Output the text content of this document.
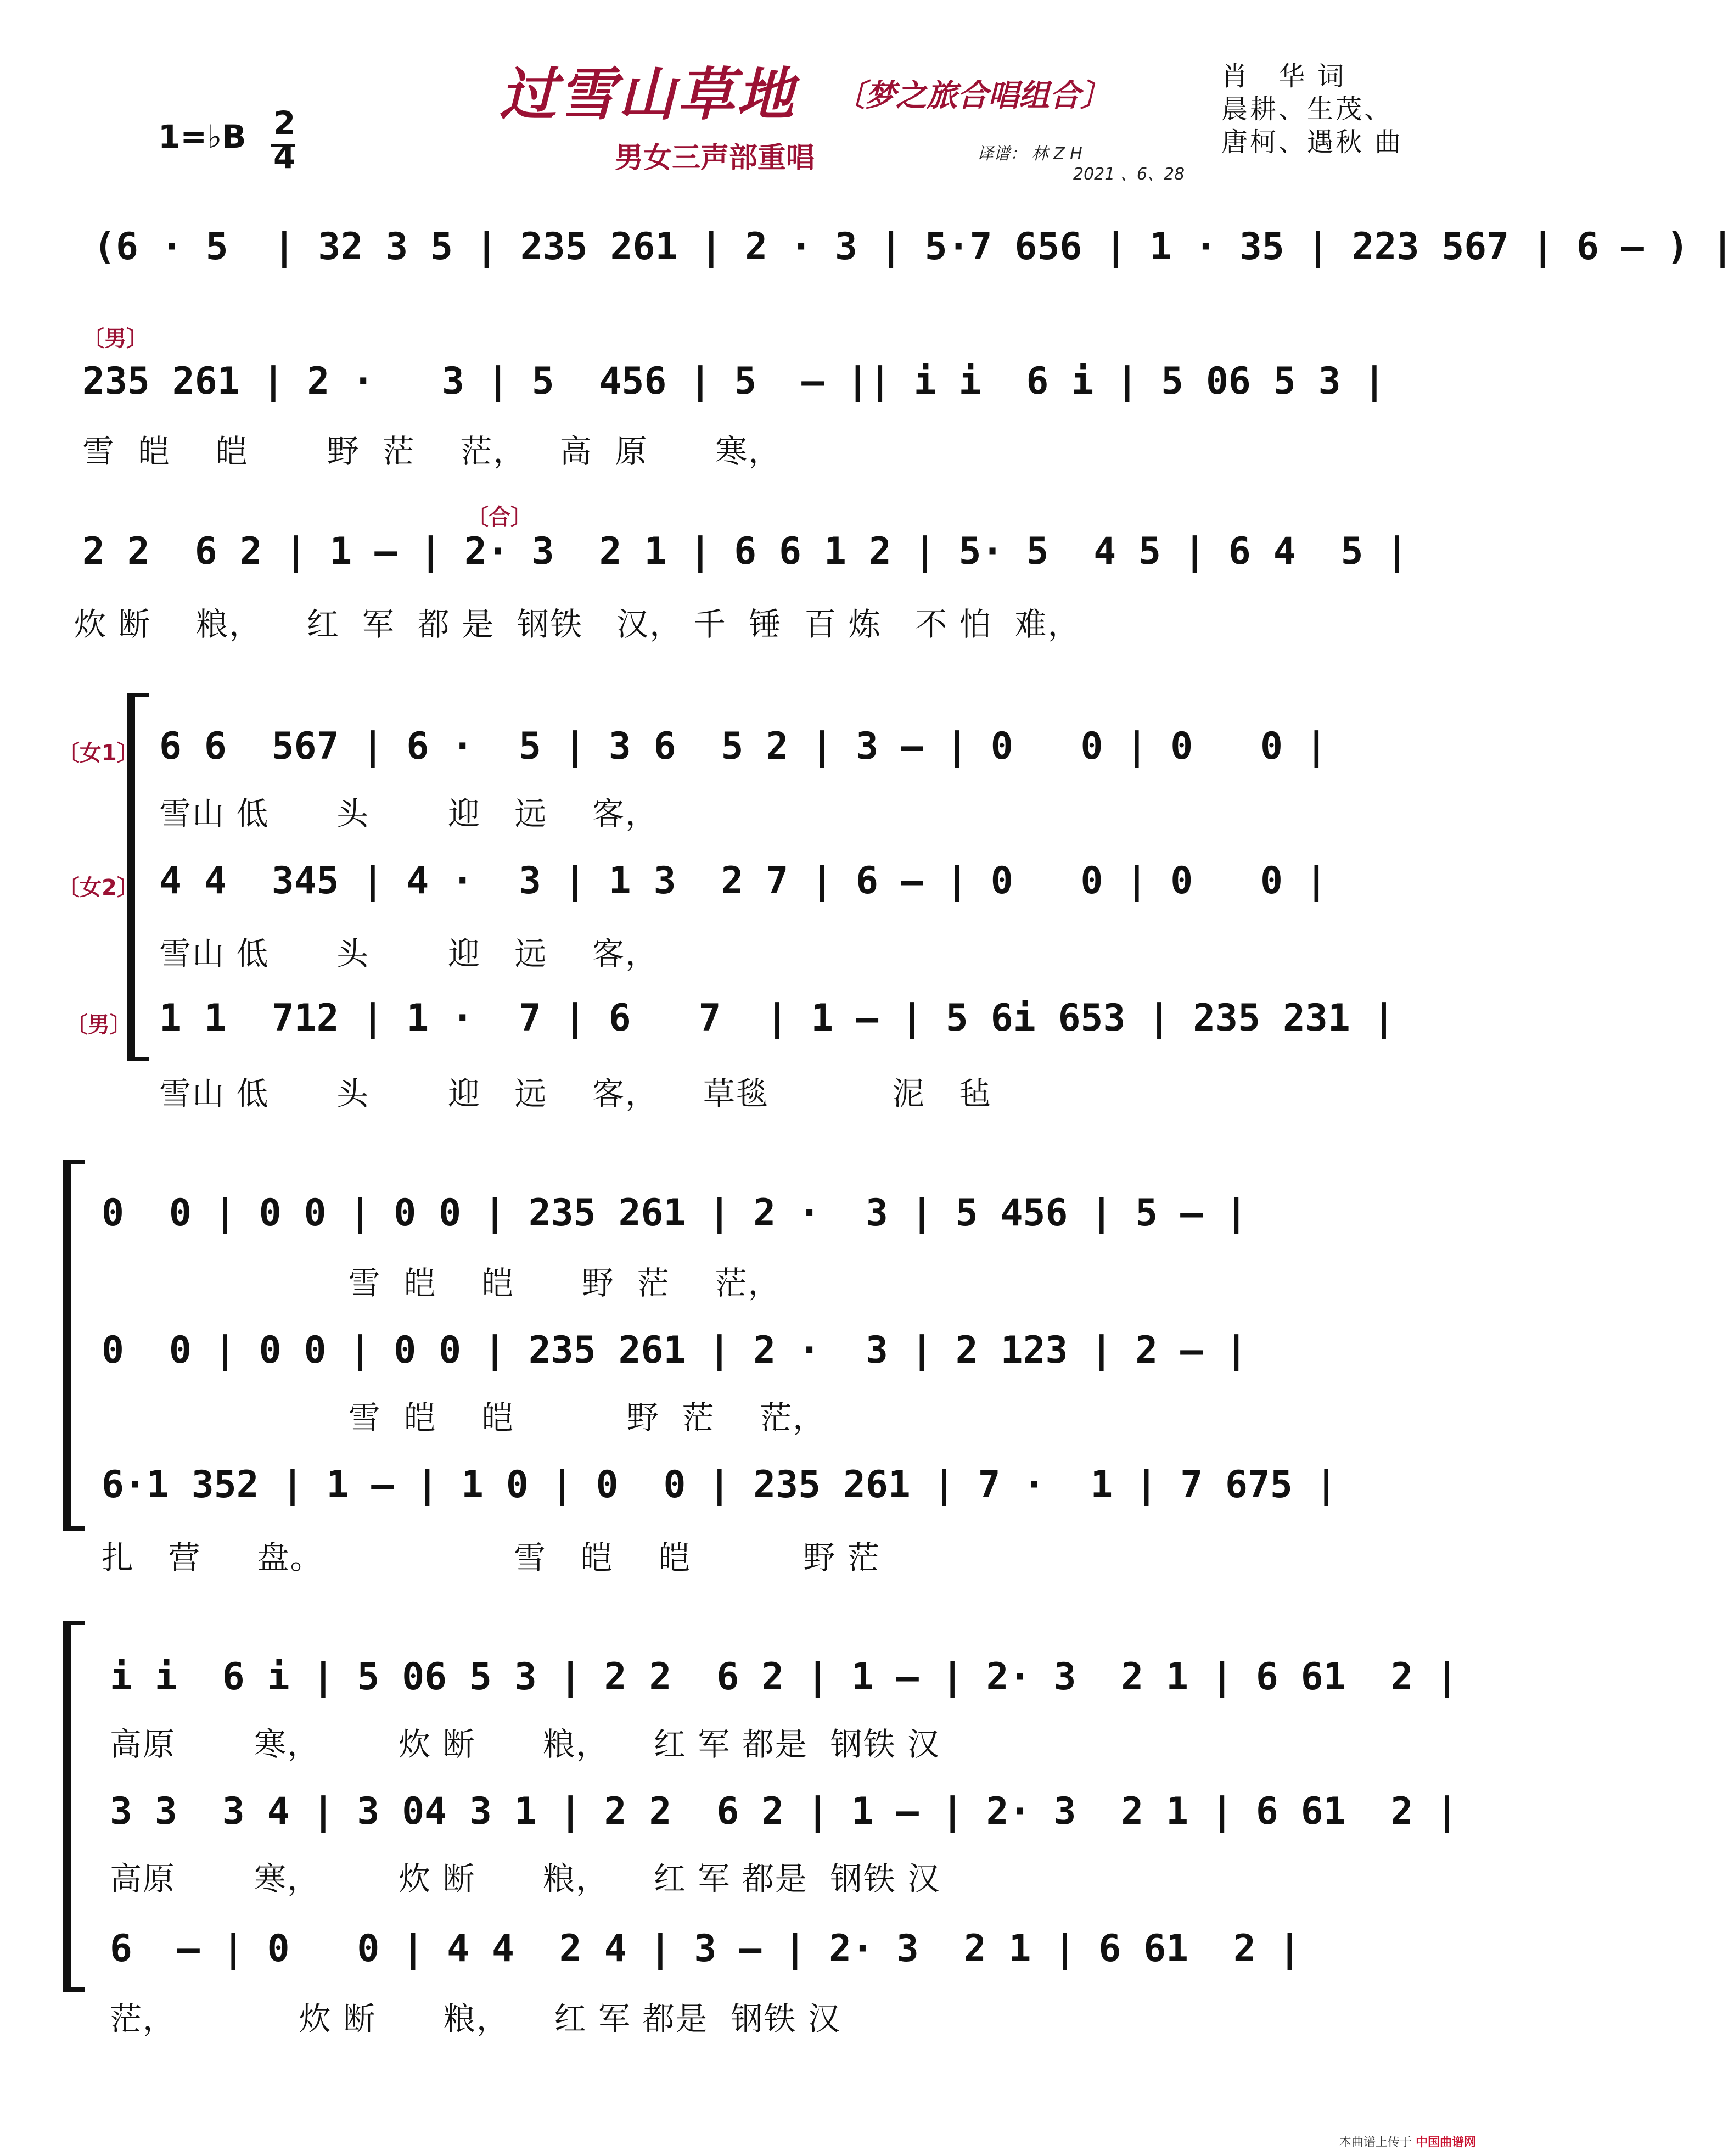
过雪山草地 〔梦之旅合唱组合〕
男女三声部重唱
1=♭B 2
4
肖　华 词
晨耕、生茂、
唐柯、遇秋 曲
译谱： 林 Z H
2021 、6、28
(6 · 5  | 32 3 5 | 235 261 | 2 · 3 | 5·7 656 | 1 · 35 | 223 567 | 6 – ) |
〔男〕
235 261 | 2 ·   3 | 5  456 | 5  – || i i  6 i | 5 06 5 3 |
雪  皑    皑       野  茫    茫，   高  原      寒，
〔合〕
2 2  6 2 | 1 – | 2· 3  2 1 | 6 6 1 2 | 5· 5  4 5 | 6 4  5 |
炊 断    粮，    红  军  都 是  钢铁   汉， 千  锤  百 炼   不 怕  难，
〔女1〕
〔女2〕
〔男〕
6 6  567 | 6 ·  5 | 3 6  5 2 | 3 – | 0   0 | 0   0 |
雪山 低      头       迎   远    客，
4 4  345 | 4 ·  3 | 1 3  2 7 | 6 – | 0   0 | 0   0 |
雪山 低      头       迎   远    客，
1 1  712 | 1 ·  7 | 6   7  | 1 – | 5 6i 653 | 235 231 |
雪山 低      头       迎   远    客，    草毯           泥   毡
0  0 | 0 0 | 0 0 | 235 261 | 2 ·  3 | 5 456 | 5 – |
雪  皑    皑      野  茫    茫，
0  0 | 0 0 | 0 0 | 235 261 | 2 ·  3 | 2 123 | 2 – |
雪  皑    皑          野  茫    茫，
6·1 352 | 1 – | 1 0 | 0  0 | 235 261 | 7 ·  1 | 7 675 |
扎   营     盘。                 雪   皑    皑          野 茫
i i  6 i | 5 06 5 3 | 2 2  6 2 | 1 – | 2· 3  2 1 | 6 61  2 |
高原       寒，       炊 断      粮，    红 军 都是  钢铁 汉
3 3  3 4 | 3 04 3 1 | 2 2  6 2 | 1 – | 2· 3  2 1 | 6 61  2 |
高原       寒，       炊 断      粮，    红 军 都是  钢铁 汉
6  – | 0   0 | 4 4  2 4 | 3 – | 2· 3  2 1 | 6 61  2 |
茫，           炊 断      粮，    红 军 都是  钢铁 汉
本曲谱上传于 中国曲谱网
